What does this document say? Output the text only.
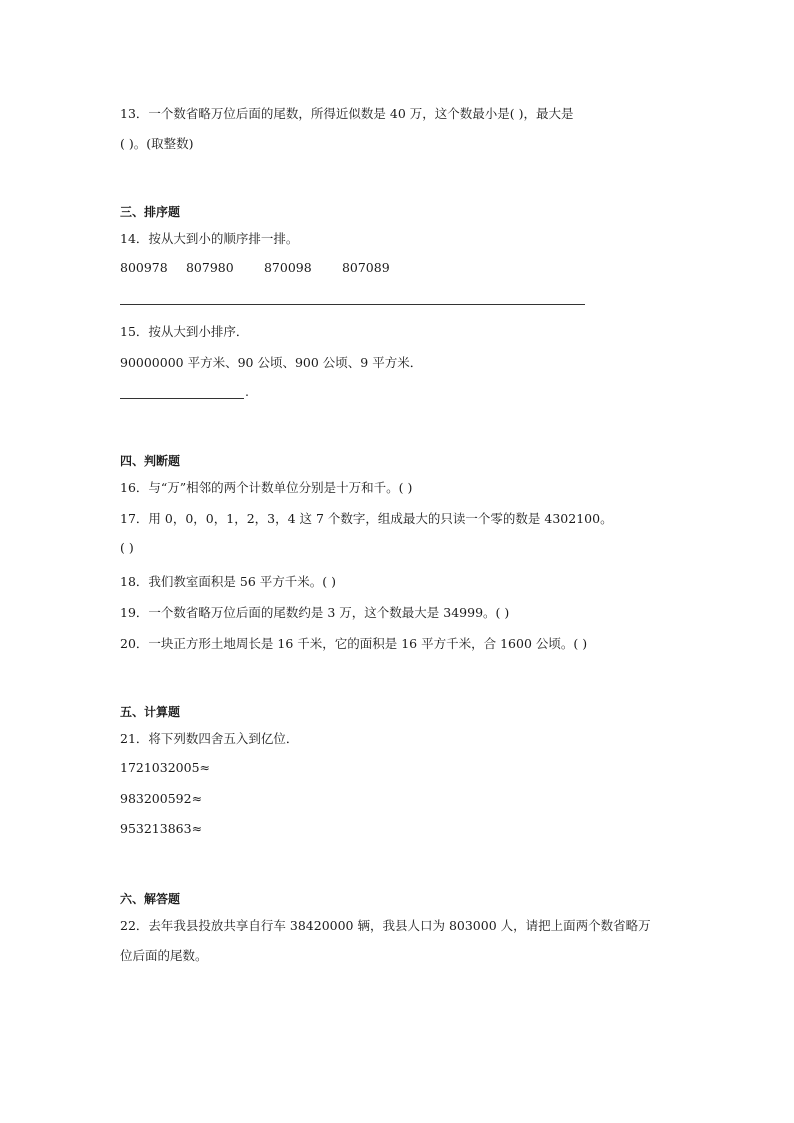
13．一个数省略万位后面的尾数，所得近似数是 40 万，这个数最小是( )，最大是
( )。(取整数)
三、排序题
14．按从大到小的顺序排一排。
800978 807980 870098 807089
15．按从大到小排序．
90000000 平方米、90 公顷、900 公顷、9 平方米．
.
四、判断题
16．与“万”相邻的两个计数单位分别是十万和千。( )
17．用 0，0，0，1，2，3，4 这 7 个数字，组成最大的只读一个零的数是 4302100。
( )
18．我们教室面积是 56 平方千米。( )
19．一个数省略万位后面的尾数约是 3 万，这个数最大是 34999。( )
20．一块正方形土地周长是 16 千米，它的面积是 16 平方千米，合 1600 公顷。( )
五、计算题
21．将下列数四舍五入到亿位．
1721032005≈
983200592≈
953213863≈
六、解答题
22．去年我县投放共享自行车 38420000 辆，我县人口为 803000 人，请把上面两个数省略万
位后面的尾数。
